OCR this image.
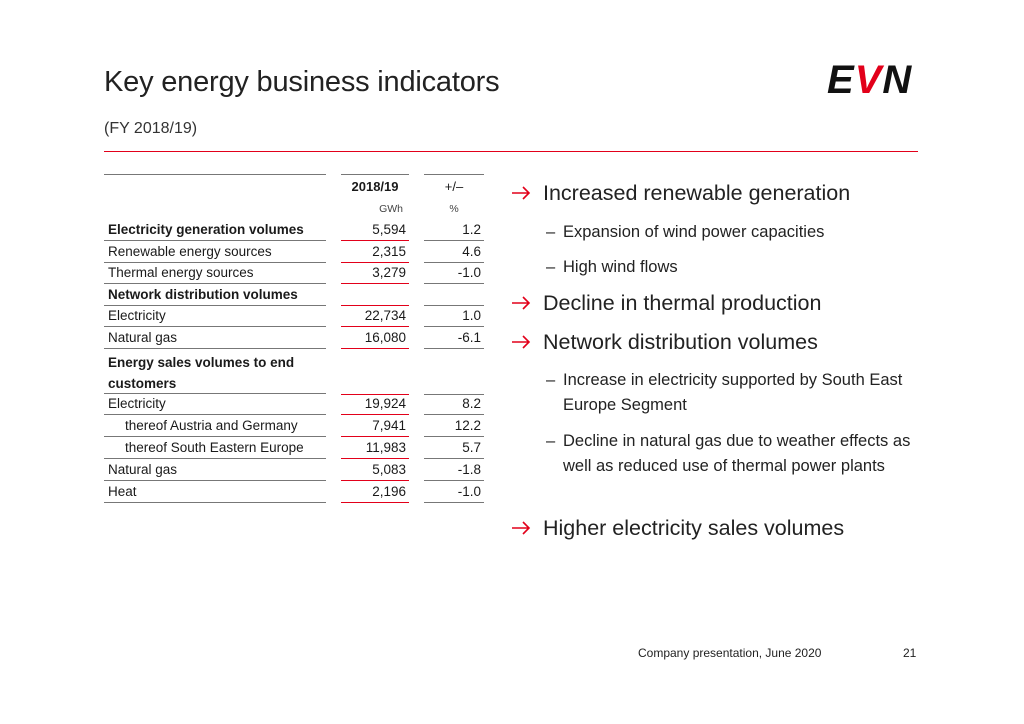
Key energy business indicators
(FY 2018/19)
EVN
2018/19	+/–
GWh	%
Electricity generation volumes	5,594	1.2
Renewable energy sources	2,315	4.6
Thermal energy sources	3,279	-1.0
Network distribution volumes
Electricity	22,734	1.0
Natural gas	16,080	-6.1
Energy sales volumes to end
customers
Electricity	19,924	8.2
thereof Austria and Germany	7,941	12.2
thereof South Eastern Europe	11,983	5.7
Natural gas	5,083	-1.8
Heat	2,196	-1.0
Increased renewable generation
– Expansion of wind power capacities
– High wind flows
Decline in thermal production
Network distribution volumes
– Increase in electricity supported by South East Europe Segment
– Decline in natural gas due to weather effects as well as reduced use of thermal power plants
Higher electricity sales volumes
Company presentation, June 2020	21
